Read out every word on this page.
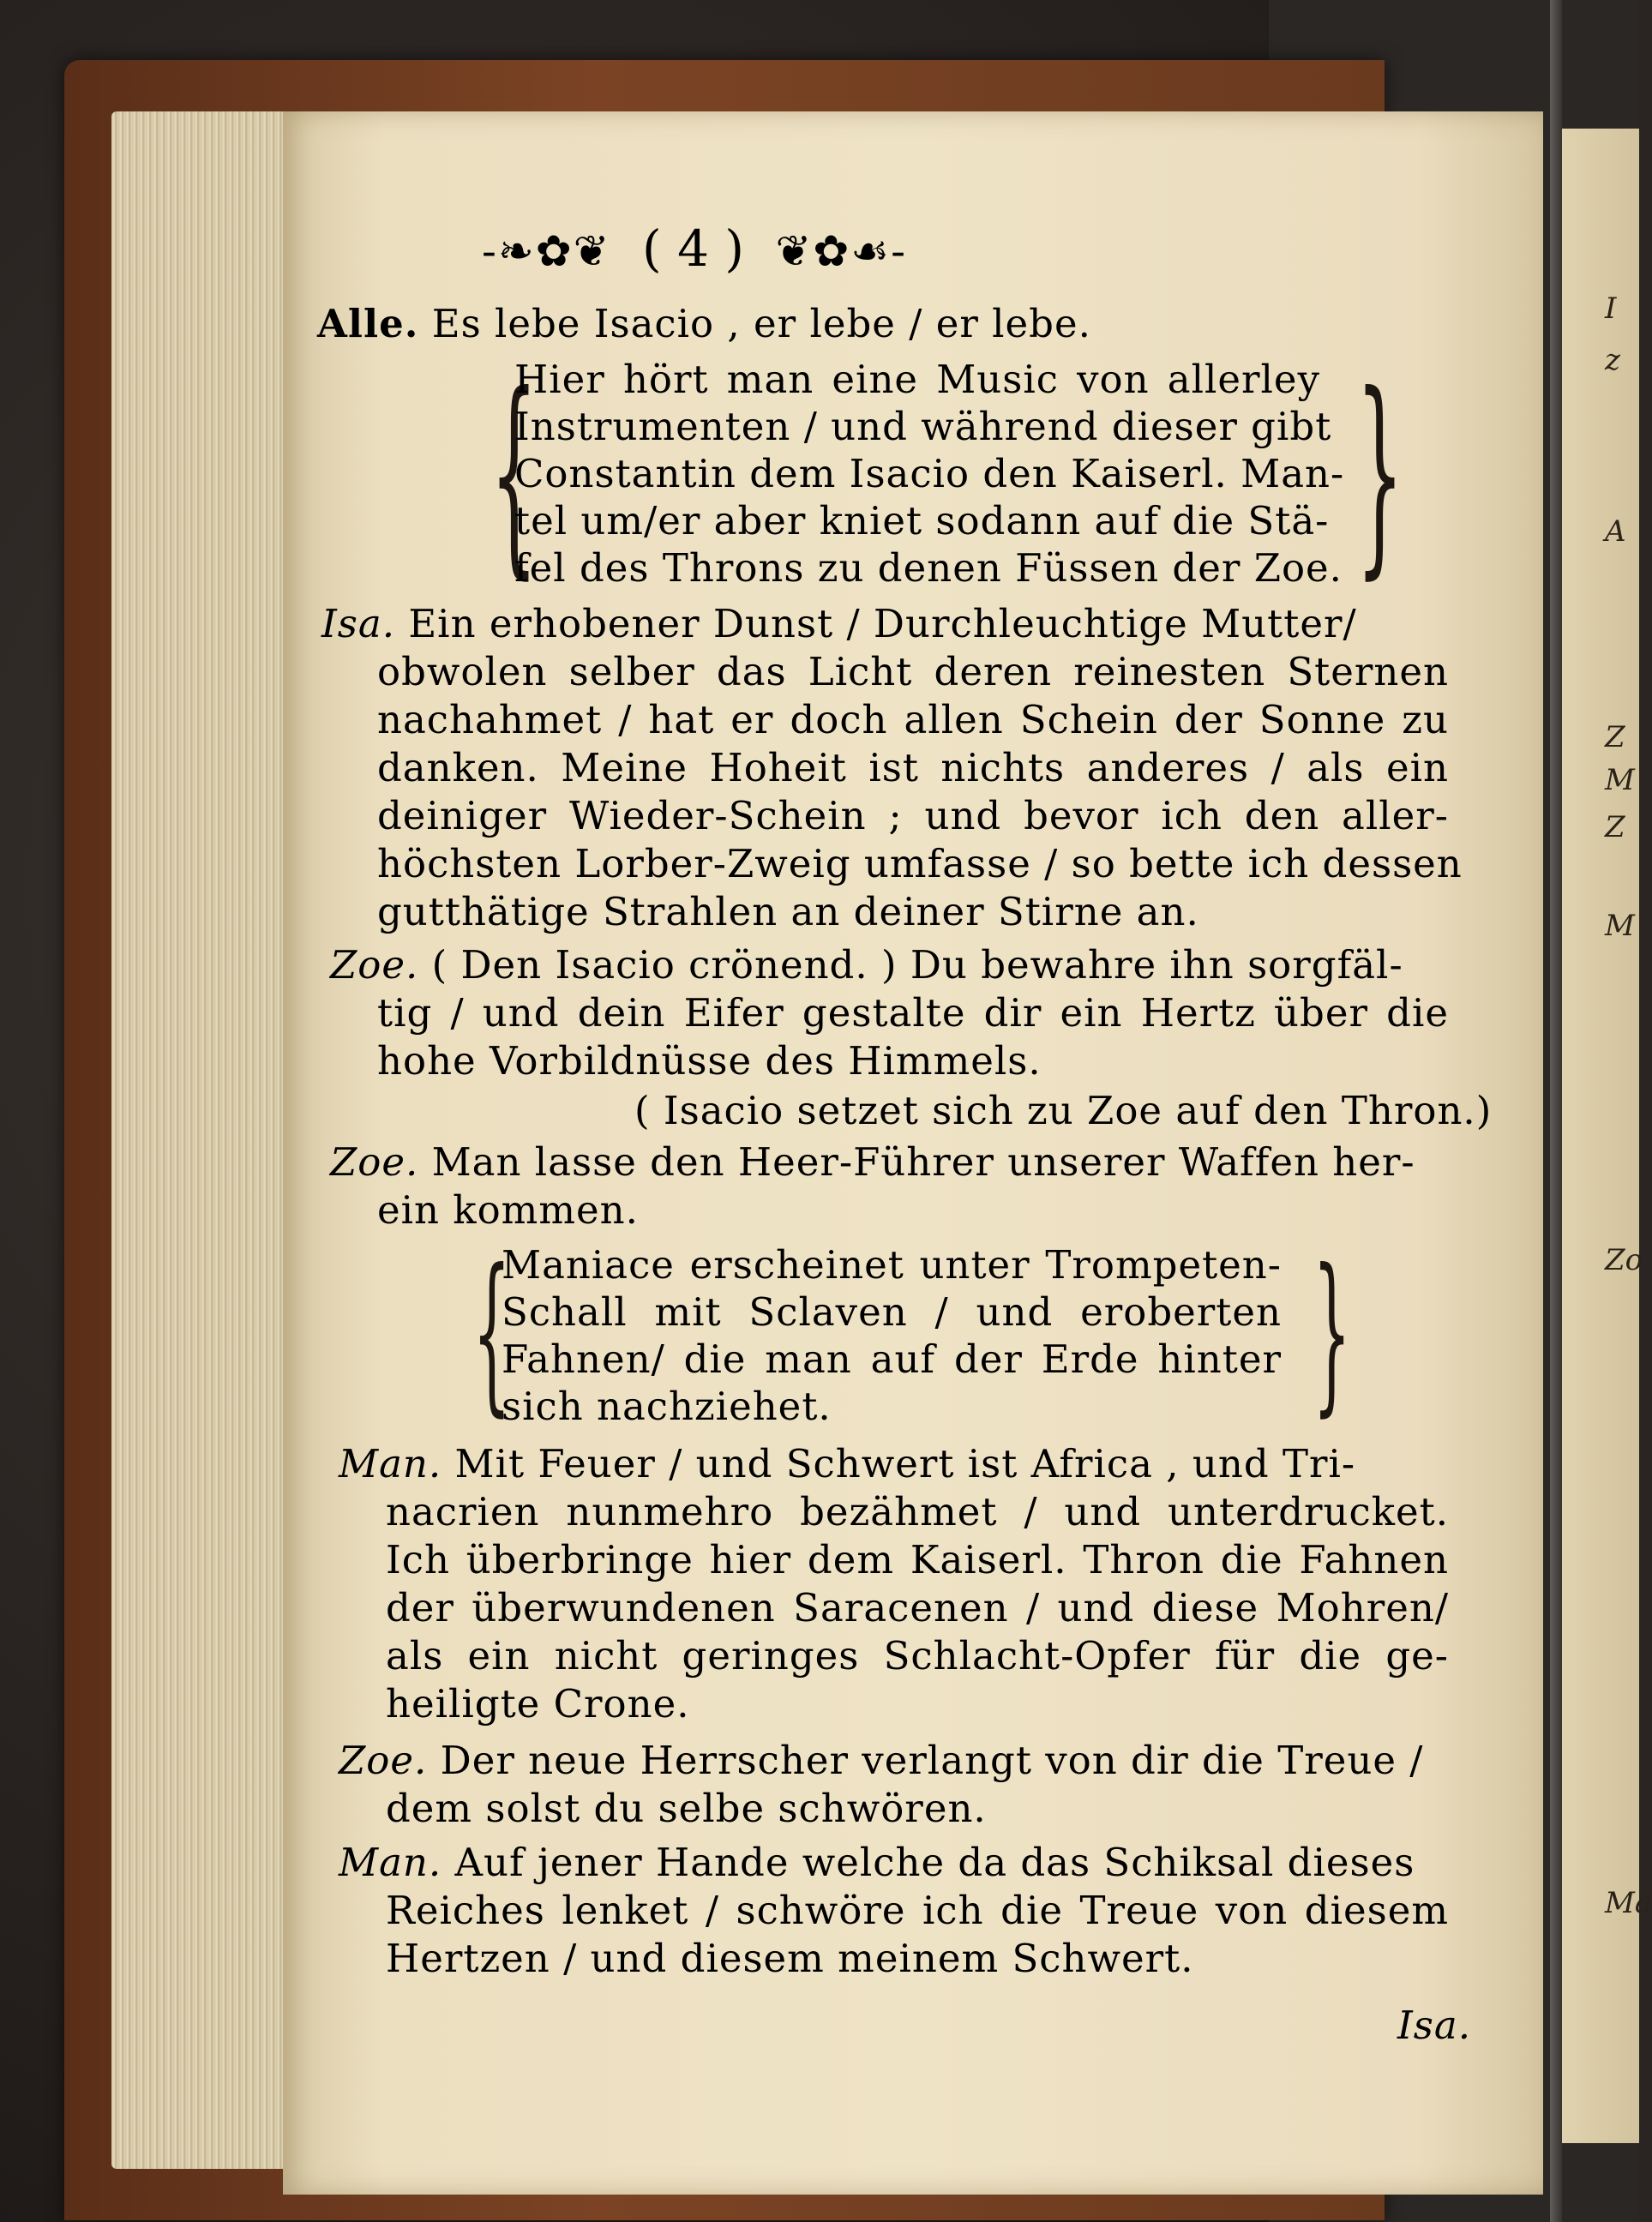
I
z
A
Z
M
Z
M
Zo
Ma
-❧✿❦ ( 4 ) ❦✿☙-
Alle. Es lebe Isacio , er lebe / er lebe.
{	}
Hier hört man eine Music von allerley
Instrumenten / und während dieser gibt
Constantin dem Isacio den Kaiserl. Man-
tel um/er aber kniet sodann auf die Stä-
fel des Throns zu denen Füssen der Zoe.
Isa. Ein erhobener Dunst / Durchleuchtige Mutter/
obwolen selber das Licht deren reinesten Sternen
nachahmet / hat er doch allen Schein der Sonne zu
danken. Meine Hoheit ist nichts anderes / als ein
deiniger Wieder-Schein ; und bevor ich den aller-
höchsten Lorber-Zweig umfasse / so bette ich dessen
gutthätige Strahlen an deiner Stirne an.
Zoe. ( Den Isacio crönend. ) Du bewahre ihn sorgfäl-
tig / und dein Eifer gestalte dir ein Hertz über die
hohe Vorbildnüsse des Himmels.
( Isacio setzet sich zu Zoe auf den Thron.)
Zoe. Man lasse den Heer-Führer unserer Waffen her-
ein kommen.
{	}
Maniace erscheinet unter Trompeten-
Schall mit Sclaven / und eroberten
Fahnen/ die man auf der Erde hinter
sich nachziehet.
Man. Mit Feuer / und Schwert ist Africa , und Tri-
nacrien nunmehro bezähmet / und unterdrucket.
Ich überbringe hier dem Kaiserl. Thron die Fahnen
der überwundenen Saracenen / und diese Mohren/
als ein nicht geringes Schlacht-Opfer für die ge-
heiligte Crone.
Zoe. Der neue Herrscher verlangt von dir die Treue /
dem solst du selbe schwören.
Man. Auf jener Hande welche da das Schiksal dieses
Reiches lenket / schwöre ich die Treue von diesem
Hertzen / und diesem meinem Schwert.
Isa.
